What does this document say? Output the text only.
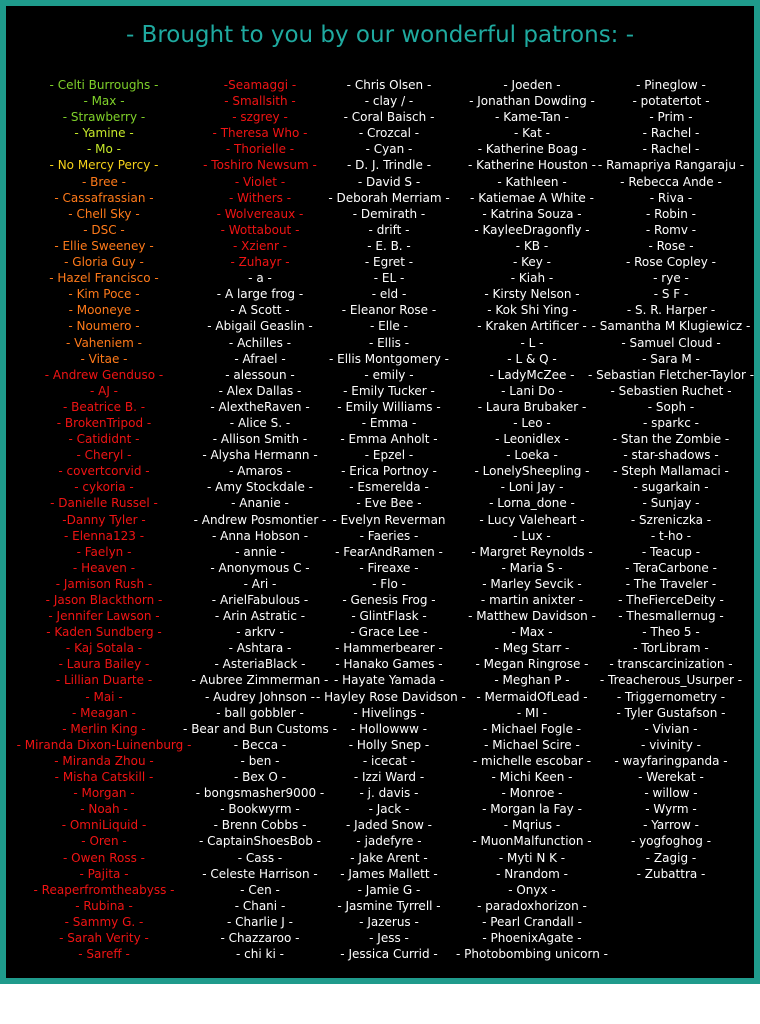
- Brought to you by our wonderful patrons: -
- Celti Burroughs -
- Max -
- Strawberry -
- Yamine -
- Mo -
- No Mercy Percy -
- Bree -
- Cassafrassian -
- Chell Sky -
- DSC -
- Ellie Sweeney -
- Gloria Guy -
- Hazel Francisco -
- Kim Poce -
- Mooneye -
- Noumero -
- Vaheniem -
- Vitae -
- Andrew Genduso -
- AJ -
- Beatrice B. -
- BrokenTripod -
- Catididnt -
- Cheryl -
- covertcorvid -
- cykoria -
- Danielle Russel -
-Danny Tyler -
- Elenna123 -
- Faelyn -
- Heaven -
- Jamison Rush -
- Jason Blackthorn -
- Jennifer Lawson -
- Kaden Sundberg -
- Kaj Sotala -
- Laura Bailey -
- Lillian Duarte -
- Mai -
- Meagan -
- Merlin King -
- Miranda Dixon-Luinenburg -
- Miranda Zhou -
- Misha Catskill -
- Morgan -
- Noah -
- OmniLiquid -
- Oren -
- Owen Ross -
- Pajita -
- Reaperfromtheabyss -
- Rubina -
- Sammy G. -
- Sarah Verity -
- Sareff -
-Seamaggi -
- Smallsith -
- szgrey -
- Theresa Who -
- Thorielle -
- Toshiro Newsum -
- Violet -
- Withers -
- Wolvereaux -
- Wottabout -
- Xzienr -
- Zuhayr -
- a -
- A large frog -
- A Scott -
- Abigail Geaslin -
- Achilles -
- Afrael -
- alessoun -
- Alex Dallas -
- AlextheRaven -
- Alice S. -
- Allison Smith -
- Alysha Hermann -
- Amaros -
- Amy Stockdale -
- Ananie -
- Andrew Posmontier -
- Anna Hobson -
- annie -
- Anonymous C -
- Ari -
- ArielFabulous -
- Arin Astratic -
- arkrv -
- Ashtara -
- AsteriaBlack -
- Aubree Zimmerman -
- Audrey Johnson -
- ball gobbler -
- Bear and Bun Customs -
- Becca -
- ben -
- Bex O -
- bongsmasher9000 -
- Bookwyrm -
- Brenn Cobbs -
- CaptainShoesBob -
- Cass -
- Celeste Harrison -
- Cen -
- Chani -
- Charlie J -
- Chazzaroo -
- chi ki -
- Chris Olsen -
- clay / -
- Coral Baisch -
- Crozcal -
- Cyan -
- D. J. Trindle -
- David S -
- Deborah Merriam -
- Demirath -
- drift -
- E. B. -
- Egret -
- EL -
- eld -
- Eleanor Rose -
- Elle -
- Ellis -
- Ellis Montgomery -
- emily -
- Emily Tucker -
- Emily Williams -
- Emma -
- Emma Anholt -
- Epzel -
- Erica Portnoy -
- Esmerelda -
- Eve Bee -
- Evelyn Reverman
- Faeries -
- FearAndRamen -
- Fireaxe -
- Flo -
- Genesis Frog -
- GlintFlask -
- Grace Lee -
- Hammerbearer -
- Hanako Games -
- Hayate Yamada -
- Hayley Rose Davidson -
- Hivelings -
- Hollowww -
- Holly Snep -
- icecat -
- Izzi Ward -
- j. davis -
- Jack -
- Jaded Snow -
- jadefyre -
- Jake Arent -
- James Mallett -
- Jamie G -
- Jasmine Tyrrell -
- Jazerus -
- Jess -
- Jessica Currid -
- Joeden -
- Jonathan Dowding -
- Kame-Tan -
- Kat -
- Katherine Boag -
- Katherine Houston -
- Kathleen -
- Katiemae A White -
- Katrina Souza -
- KayleeDragonfly -
- KB -
- Key -
- Kiah -
- Kirsty Nelson -
- Kok Shi Ying -
- Kraken Artificer -
- L -
- L & Q -
- LadyMcZee -
- Lani Do -
- Laura Brubaker -
- Leo -
- Leonidlex -
- Loeka -
- LonelySheepling -
- Loni Jay -
- Lorna_done -
- Lucy Valeheart -
- Lux -
- Margret Reynolds -
- Maria S -
- Marley Sevcik -
- martin anixter -
- Matthew Davidson -
- Max -
- Meg Starr -
- Megan Ringrose -
- Meghan P -
- MermaidOfLead -
- MI -
- Michael Fogle -
- Michael Scire -
- michelle escobar -
- Michi Keen -
- Monroe -
- Morgan la Fay -
- Mqrius -
- MuonMalfunction -
- Myti N K -
- Nrandom -
- Onyx -
- paradoxhorizon -
- Pearl Crandall -
- PhoenixAgate -
- Photobombing unicorn -
- Pineglow -
- potatertot -
- Prim -
- Rachel -
- Rachel -
- Ramapriya Rangaraju -
- Rebecca Ande -
- Riva -
- Robin -
- Romv -
- Rose -
- Rose Copley -
- rye -
- S F -
- S. R. Harper -
- Samantha M Klugiewicz -
- Samuel Cloud -
- Sara M -
- Sebastian Fletcher-Taylor -
- Sebastien Ruchet -
- Soph -
- sparkc -
- Stan the Zombie -
- star-shadows -
- Steph Mallamaci -
- sugarkain -
- Sunjay -
- Szreniczka -
- t-ho -
- Teacup -
- TeraCarbone -
- The Traveler -
- TheFierceDeity -
- Thesmallernug -
- Theo 5 -
- TorLibram -
- transcarcinization -
- Treacherous_Usurper -
- Triggernometry -
- Tyler Gustafson -
- Vivian -
- vivinity -
- wayfaringpanda -
- Werekat -
- willow -
- Wyrm -
- Yarrow -
- yogfoghog -
- Zagig -
- Zubattra -
